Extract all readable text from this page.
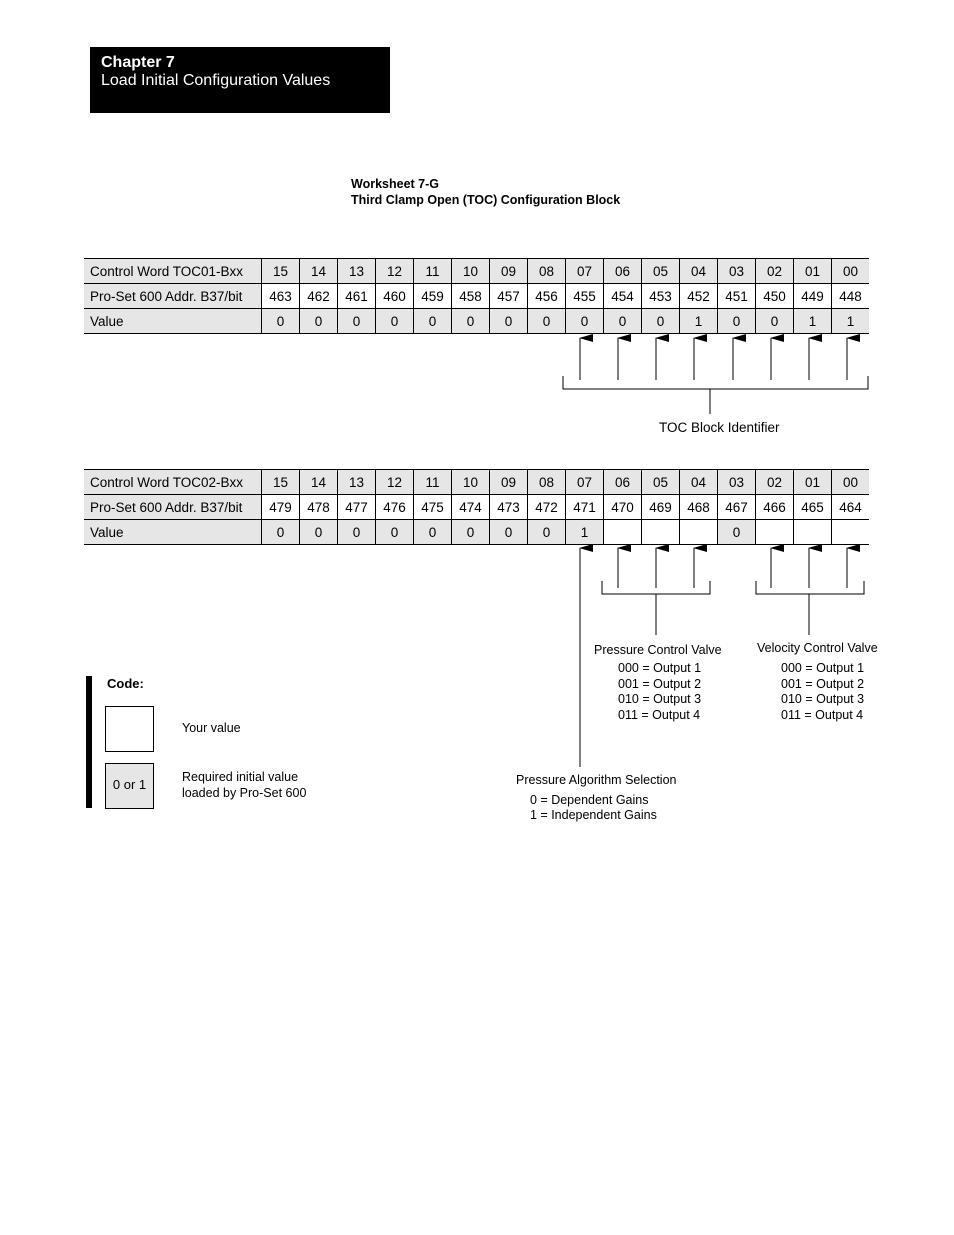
Chapter 7
Load Initial Configuration Values
Worksheet 7-G
Third Clamp Open (TOC) Configuration Block
Control Word TOC01-Bxx	15	14	13	12	11	10	09	08	07	06	05	04	03	02	01	00
Pro-Set 600 Addr. B37/bit	463	462	461	460	459	458	457	456	455	454	453	452	451	450	449	448
Value	0	0	0	0	0	0	0	0	0	0	0	1	0	0	1	1
Control Word TOC02-Bxx	15	14	13	12	11	10	09	08	07	06	05	04	03	02	01	00
Pro-Set 600 Addr. B37/bit	479	478	477	476	475	474	473	472	471	470	469	468	467	466	465	464
Value	0	0	0	0	0	0	0	0	1				0			
TOC Block Identifier
Pressure Control Valve
000 = Output 1
001 = Output 2
010 = Output 3
011 = Output 4
Velocity Control Valve
000 = Output 1
001 = Output 2
010 = Output 3
011 = Output 4
Pressure Algorithm Selection
0 = Dependent Gains
1 = Independent Gains
Code:
Your value
0 or 1	Required initial value
loaded by Pro-Set 600
